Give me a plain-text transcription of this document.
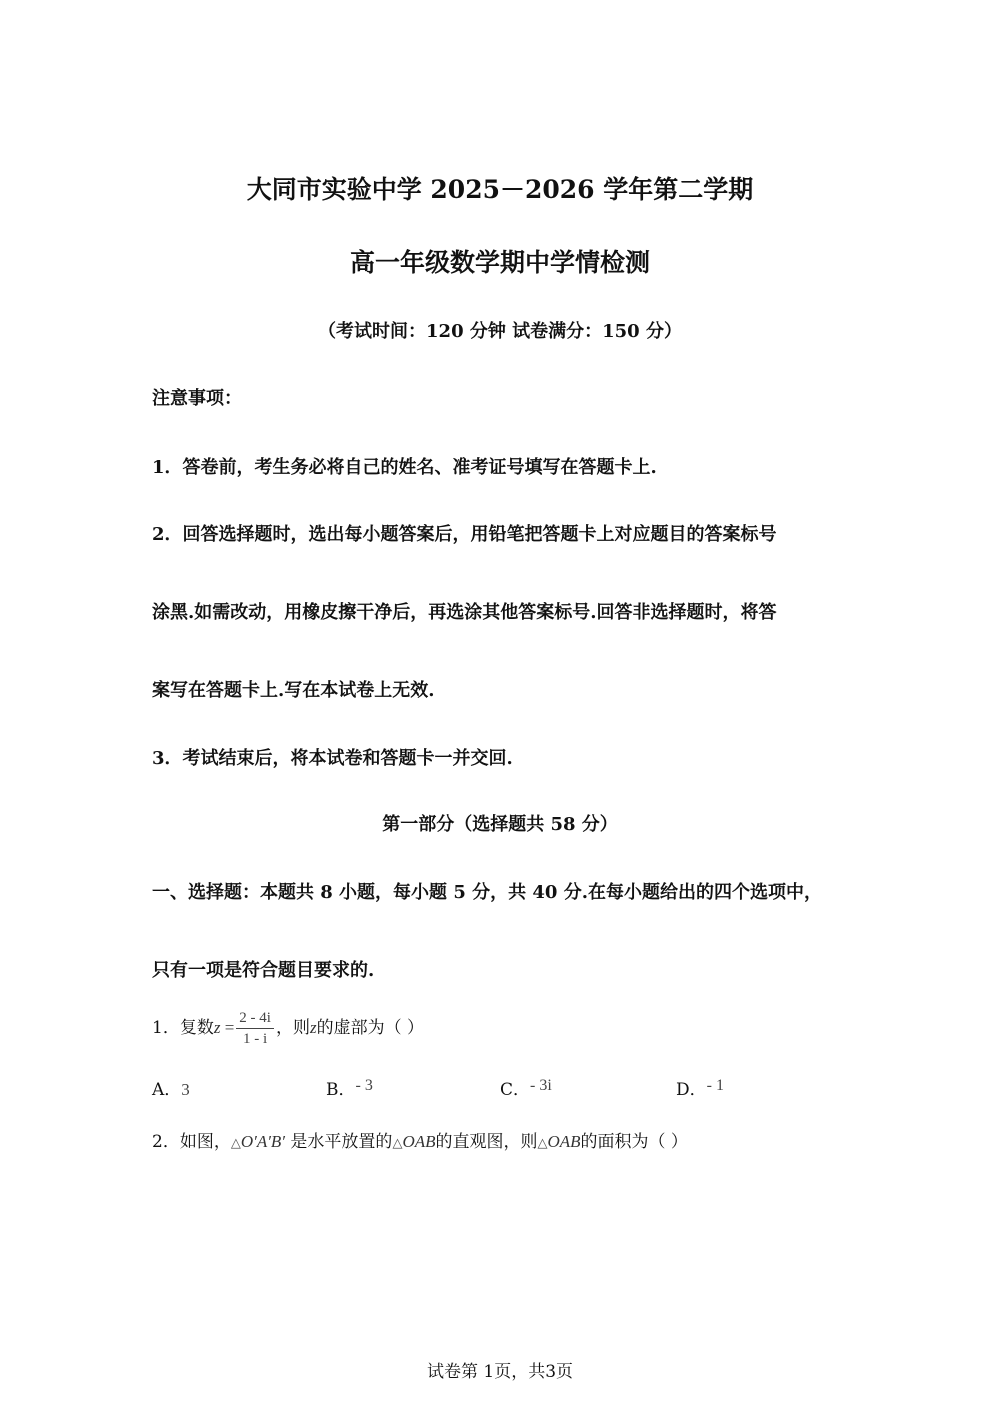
大同市实验中学 2025－2026 学年第二学期
高一年级数学期中学情检测
（考试时间：120 分钟 试卷满分：150 分）
注意事项：
1．答卷前，考生务必将自己的姓名、准考证号填写在答题卡上.
2．回答选择题时，选出每小题答案后，用铅笔把答题卡上对应题目的答案标号
涂黑.如需改动，用橡皮擦干净后，再选涂其他答案标号.回答非选择题时，将答
案写在答题卡上.写在本试卷上无效.
3．考试结束后，将本试卷和答题卡一并交回.
第一部分（选择题共 58 分）
一、选择题：本题共 8 小题，每小题 5 分，共 40 分.在每小题给出的四个选项中，
只有一项是符合题目要求的.
1．复数$z = \frac{2 - 4i}{1 - i}$ ，则z的虚部为（ ）
A．3	B．- 3	C．- 3i	D．- 1
2．如图，△O′A′B′ 是水平放置的△OAB的直观图，则△OAB的面积为（ ）
试卷第 1页，共3页
